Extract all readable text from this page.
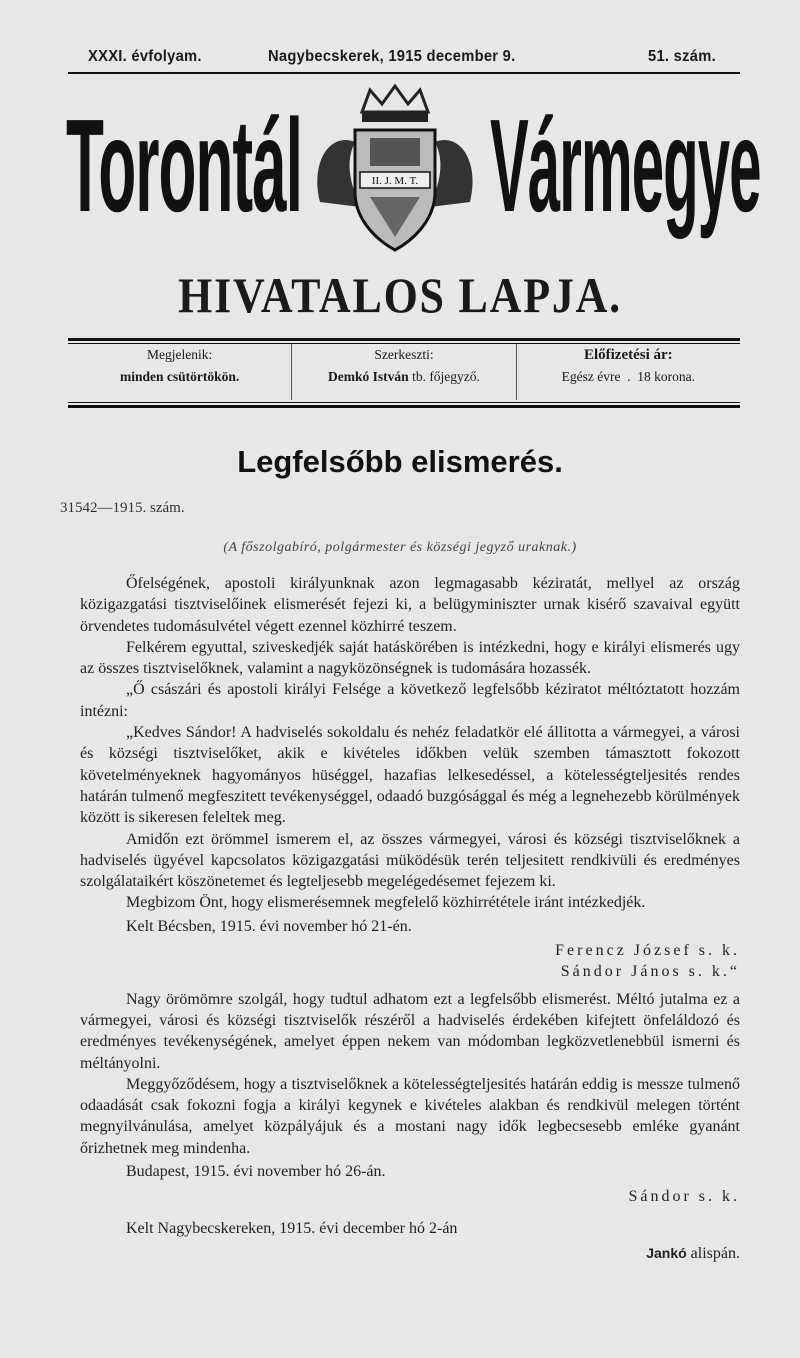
XXXI. évfolyam.	Nagybecskerek, 1915 december 9.	51. szám.
Torontál Vármegye
II. J. M. T.
HIVATALOS LAPJA.
Megjelenik:
minden csütörtökön.
Szerkeszti:
Demkó István tb. főjegyző.
Előfizetési ár:
Egész évre  .  18 korona.
Legfelsőbb elismerés.
31542—1915. szám.
(A főszolgabíró, polgármester és községi jegyző uraknak.)

Őfelségének, apostoli királyunknak azon legmagasabb kéziratát, mellyel az ország közigazgatási tisztviselőinek elismerését fejezi ki, a belügyminiszter urnak kisérő szavaival együtt örvendetes tudomásulvétel végett ezennel közhirré teszem.

Felkérem egyuttal, sziveskedjék saját hatáskörében is intézkedni, hogy e királyi elismerés ugy az összes tisztviselőknek, valamint a nagyközönségnek is tudomására hozassék.

„Ő császári és apostoli királyi Felsége a következő legfelsőbb kéziratot méltóztatott hozzám intézni:

„Kedves Sándor! A hadviselés sokoldalu és nehéz feladatkör elé állitotta a vármegyei, a városi és községi tisztviselőket, akik e kivételes időkben velük szemben támasztott fokozott követelményeknek hagyományos hüséggel, hazafias lelkesedéssel, a kötelességteljesités rendes határán tulmenő megfeszitett tevékenységgel, odaadó buzgósággal és még a legnehezebb körülmények között is sikeresen feleltek meg.

Amidőn ezt örömmel ismerem el, az összes vármegyei, városi és községi tisztviselőknek a hadviselés ügyével kapcsolatos közigazgatási müködésük terén teljesitett rendkivüli és eredményes szolgálataikért köszönetemet és legteljesebb megelégedésemet fejezem ki.

Megbizom Önt, hogy elismerésemnek megfelelő közhirrététele iránt intézkedjék.

Kelt Bécsben, 1915. évi november hó 21-én.

Ferencz József s. k.

Sándor János s. k.“

Nagy örömömre szolgál, hogy tudtul adhatom ezt a legfelsőbb elismerést. Méltó jutalma ez a vármegyei, városi és községi tisztviselők részéről a hadviselés érdekében kifejtett önfeláldozó és eredményes tevékenységének, amelyet éppen nekem van módomban legközvetlenebbül ismerni és méltányolni.

Meggyőződésem, hogy a tisztviselőknek a kötelességteljesités határán eddig is messze tulmenő odaadását csak fokozni fogja a királyi kegynek e kivételes alakban és rendkivül melegen történt megnyilvánulása, amelyet közpályájuk és a mostani nagy idők legbecsesebb emléke gyanánt őrizhetnek meg mindenha.

Budapest, 1915. évi november hó 26-án.

Sándor s. k.

Kelt Nagybecskereken, 1915. évi december hó 2-án

Jankó alispán.
